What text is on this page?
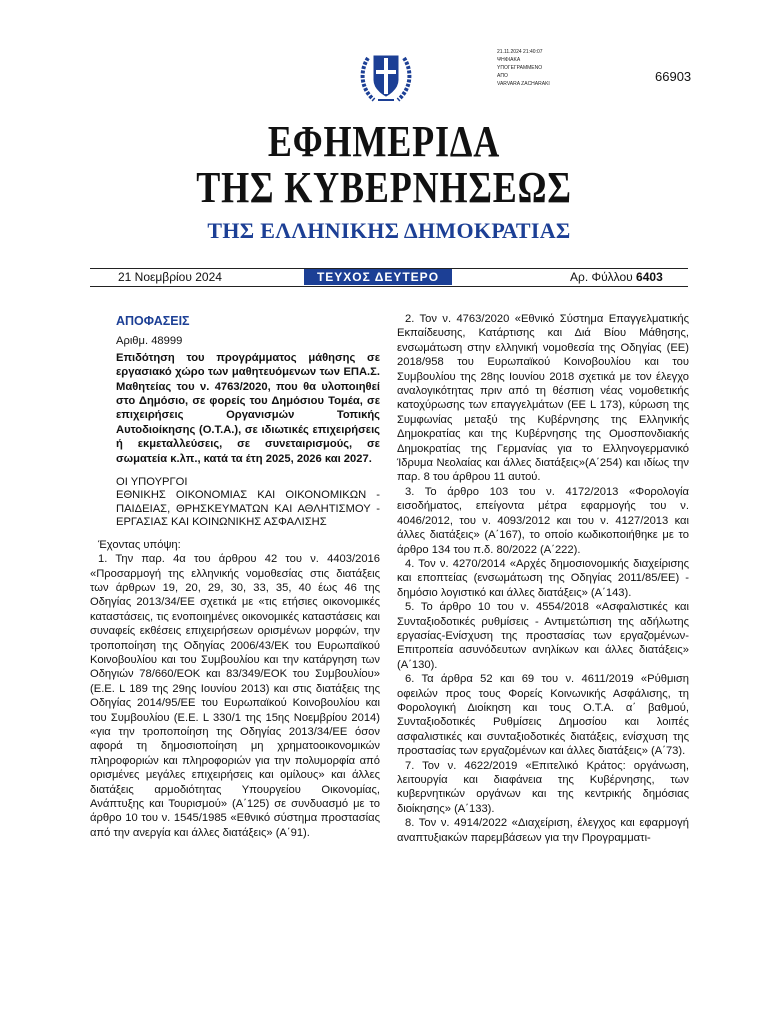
21.11.2024 21:40:07
ΨΗΦΙΑΚΑ
ΥΠΟΓΕΓΡΑΜΜΕΝΟ
ΑΠΟ
VARVARA ZACHARAKI	66903
ΕΦΗΜΕΡΙΔΑ
ΤΗΣ ΚΥΒΕΡΝΗΣΕΩΣ
ΤΗΣ ΕΛΛΗΝΙΚΗΣ ΔΗΜΟΚΡΑΤΙΑΣ
21 Νοεμβρίου 2024	ΤΕΥΧΟΣ ΔΕΥΤΕΡΟ	Αρ. Φύλλου 6403
ΑΠΟΦΑΣΕΙΣ
Αριθμ. 48999
Επιδότηση του προγράμματος μάθησης σε εργασιακό χώρο των μαθητευόμενων των ΕΠΑ.Σ. Μαθητείας του ν. 4763/2020, που θα υλοποιηθεί στο Δημόσιο, σε φορείς του Δημόσιου Τομέα, σε επιχειρήσεις Οργανισμών Τοπικής Αυτοδιοίκησης (Ο.Τ.Α.), σε ιδιωτικές επιχειρήσεις ή εκμεταλλεύσεις, σε συνεταιρισμούς, σε σωματεία κ.λπ., κατά τα έτη 2025, 2026 και 2027.
ΟΙ ΥΠΟΥΡΓΟΙ
ΕΘΝΙΚΗΣ ΟΙΚΟΝΟΜΙΑΣ ΚΑΙ ΟΙΚΟΝΟΜΙΚΩΝ - ΠΑΙΔΕΙΑΣ, ΘΡΗΣΚΕΥΜΑΤΩΝ ΚΑΙ ΑΘΛΗΤΙΣΜΟΥ - ΕΡΓΑΣΙΑΣ ΚΑΙ ΚΟΙΝΩΝΙΚΗΣ ΑΣΦΑΛΙΣΗΣ

Έχοντας υπόψη:

1. Την παρ. 4α του άρθρου 42 του ν. 4403/2016 «Προσαρμογή της ελληνικής νομοθεσίας στις διατάξεις των άρθρων 19, 20, 29, 30, 33, 35, 40 έως 46 της Οδηγίας 2013/34/ΕΕ σχετικά με «τις ετήσιες οικονομικές καταστάσεις, τις ενοποιημένες οικονομικές καταστάσεις και συναφείς εκθέσεις επιχειρήσεων ορισμένων μορφών, την τροποποίηση της Οδηγίας 2006/43/ΕΚ του Ευρωπαϊκού Κοινοβουλίου και του Συμβουλίου και την κατάργηση των Οδηγιών 78/660/ΕΟΚ και 83/349/ΕΟΚ του Συμβουλίου» (Ε.Ε. L 189 της 29ης Ιουνίου 2013) και στις διατάξεις της Οδηγίας 2014/95/ΕΕ του Ευρωπαϊκού Κοινοβουλίου και του Συμβουλίου (Ε.Ε. L 330/1 της 15ης Νοεμβρίου 2014) «για την τροποποίηση της Οδηγίας 2013/34/ΕΕ όσον αφορά τη δημοσιοποίηση μη χρηματοοικονομικών πληροφοριών και πληροφοριών για την πολυμορφία από ορισμένες μεγάλες επιχειρήσεις και ομίλους» και άλλες διατάξεις αρμοδιότητας Υπουργείου Οικονομίας, Ανάπτυξης και Τουρισμού» (Α΄125) σε συνδυασμό με το άρθρο 10 του ν. 1545/1985 «Εθνικό σύστημα προστασίας από την ανεργία και άλλες διατάξεις» (Α΄91).

2. Τον ν. 4763/2020 «Εθνικό Σύστημα Επαγγελματικής Εκπαίδευσης, Κατάρτισης και Διά Βίου Μάθησης, ενσωμάτωση στην ελληνική νομοθεσία της Οδηγίας (ΕΕ) 2018/958 του Ευρωπαϊκού Κοινοβουλίου και του Συμβουλίου της 28ης Ιουνίου 2018 σχετικά με τον έλεγχο αναλογικότητας πριν από τη θέσπιση νέας νομοθετικής κατοχύρωσης των επαγγελμάτων (ΕΕ L 173), κύρωση της Συμφωνίας μεταξύ της Κυβέρνησης της Ελληνικής Δημοκρατίας και της Κυβέρνησης της Ομοσπονδιακής Δημοκρατίας της Γερμανίας για το Ελληνογερμανικό Ίδρυμα Νεολαίας και άλλες διατάξεις»(Α΄254) και ιδίως την παρ. 8 του άρθρου 11 αυτού.

3. Το άρθρο 103 του ν. 4172/2013 «Φορολογία εισοδήματος, επείγοντα μέτρα εφαρμογής του ν. 4046/2012, του ν. 4093/2012 και του ν. 4127/2013 και άλλες διατάξεις» (Α΄167), το οποίο κωδικοποιήθηκε με το άρθρο 134 του π.δ. 80/2022 (Α΄222).

4. Τον ν. 4270/2014 «Αρχές δημοσιονομικής διαχείρισης και εποπτείας (ενσωμάτωση της Οδηγίας 2011/85/ΕΕ) - δημόσιο λογιστικό και άλλες διατάξεις» (Α΄143).

5. Το άρθρο 10 του ν. 4554/2018 «Ασφαλιστικές και Συνταξιοδοτικές ρυθμίσεις - Αντιμετώπιση της αδήλωτης εργασίας-Ενίσχυση της προστασίας των εργαζομένων-Επιτροπεία ασυνόδευτων ανηλίκων και άλλες διατάξεις» (Α΄130).

6. Τα άρθρα 52 και 69 του ν. 4611/2019 «Ρύθμιση οφειλών προς τους Φορείς Κοινωνικής Ασφάλισης, τη Φορολογική Διοίκηση και τους Ο.Τ.Α. α΄ βαθμού, Συνταξιοδοτικές Ρυθμίσεις Δημοσίου και λοιπές ασφαλιστικές και συνταξιοδοτικές διατάξεις, ενίσχυση της προστασίας των εργαζομένων και άλλες διατάξεις» (Α΄73).

7. Τον ν. 4622/2019 «Επιτελικό Κράτος: οργάνωση, λειτουργία και διαφάνεια της Κυβέρνησης, των κυβερνητικών οργάνων και της κεντρικής δημόσιας διοίκησης» (Α΄133).

8. Τον ν. 4914/2022 «Διαχείριση, έλεγχος και εφαρμογή αναπτυξιακών παρεμβάσεων για την Προγραμματι-
